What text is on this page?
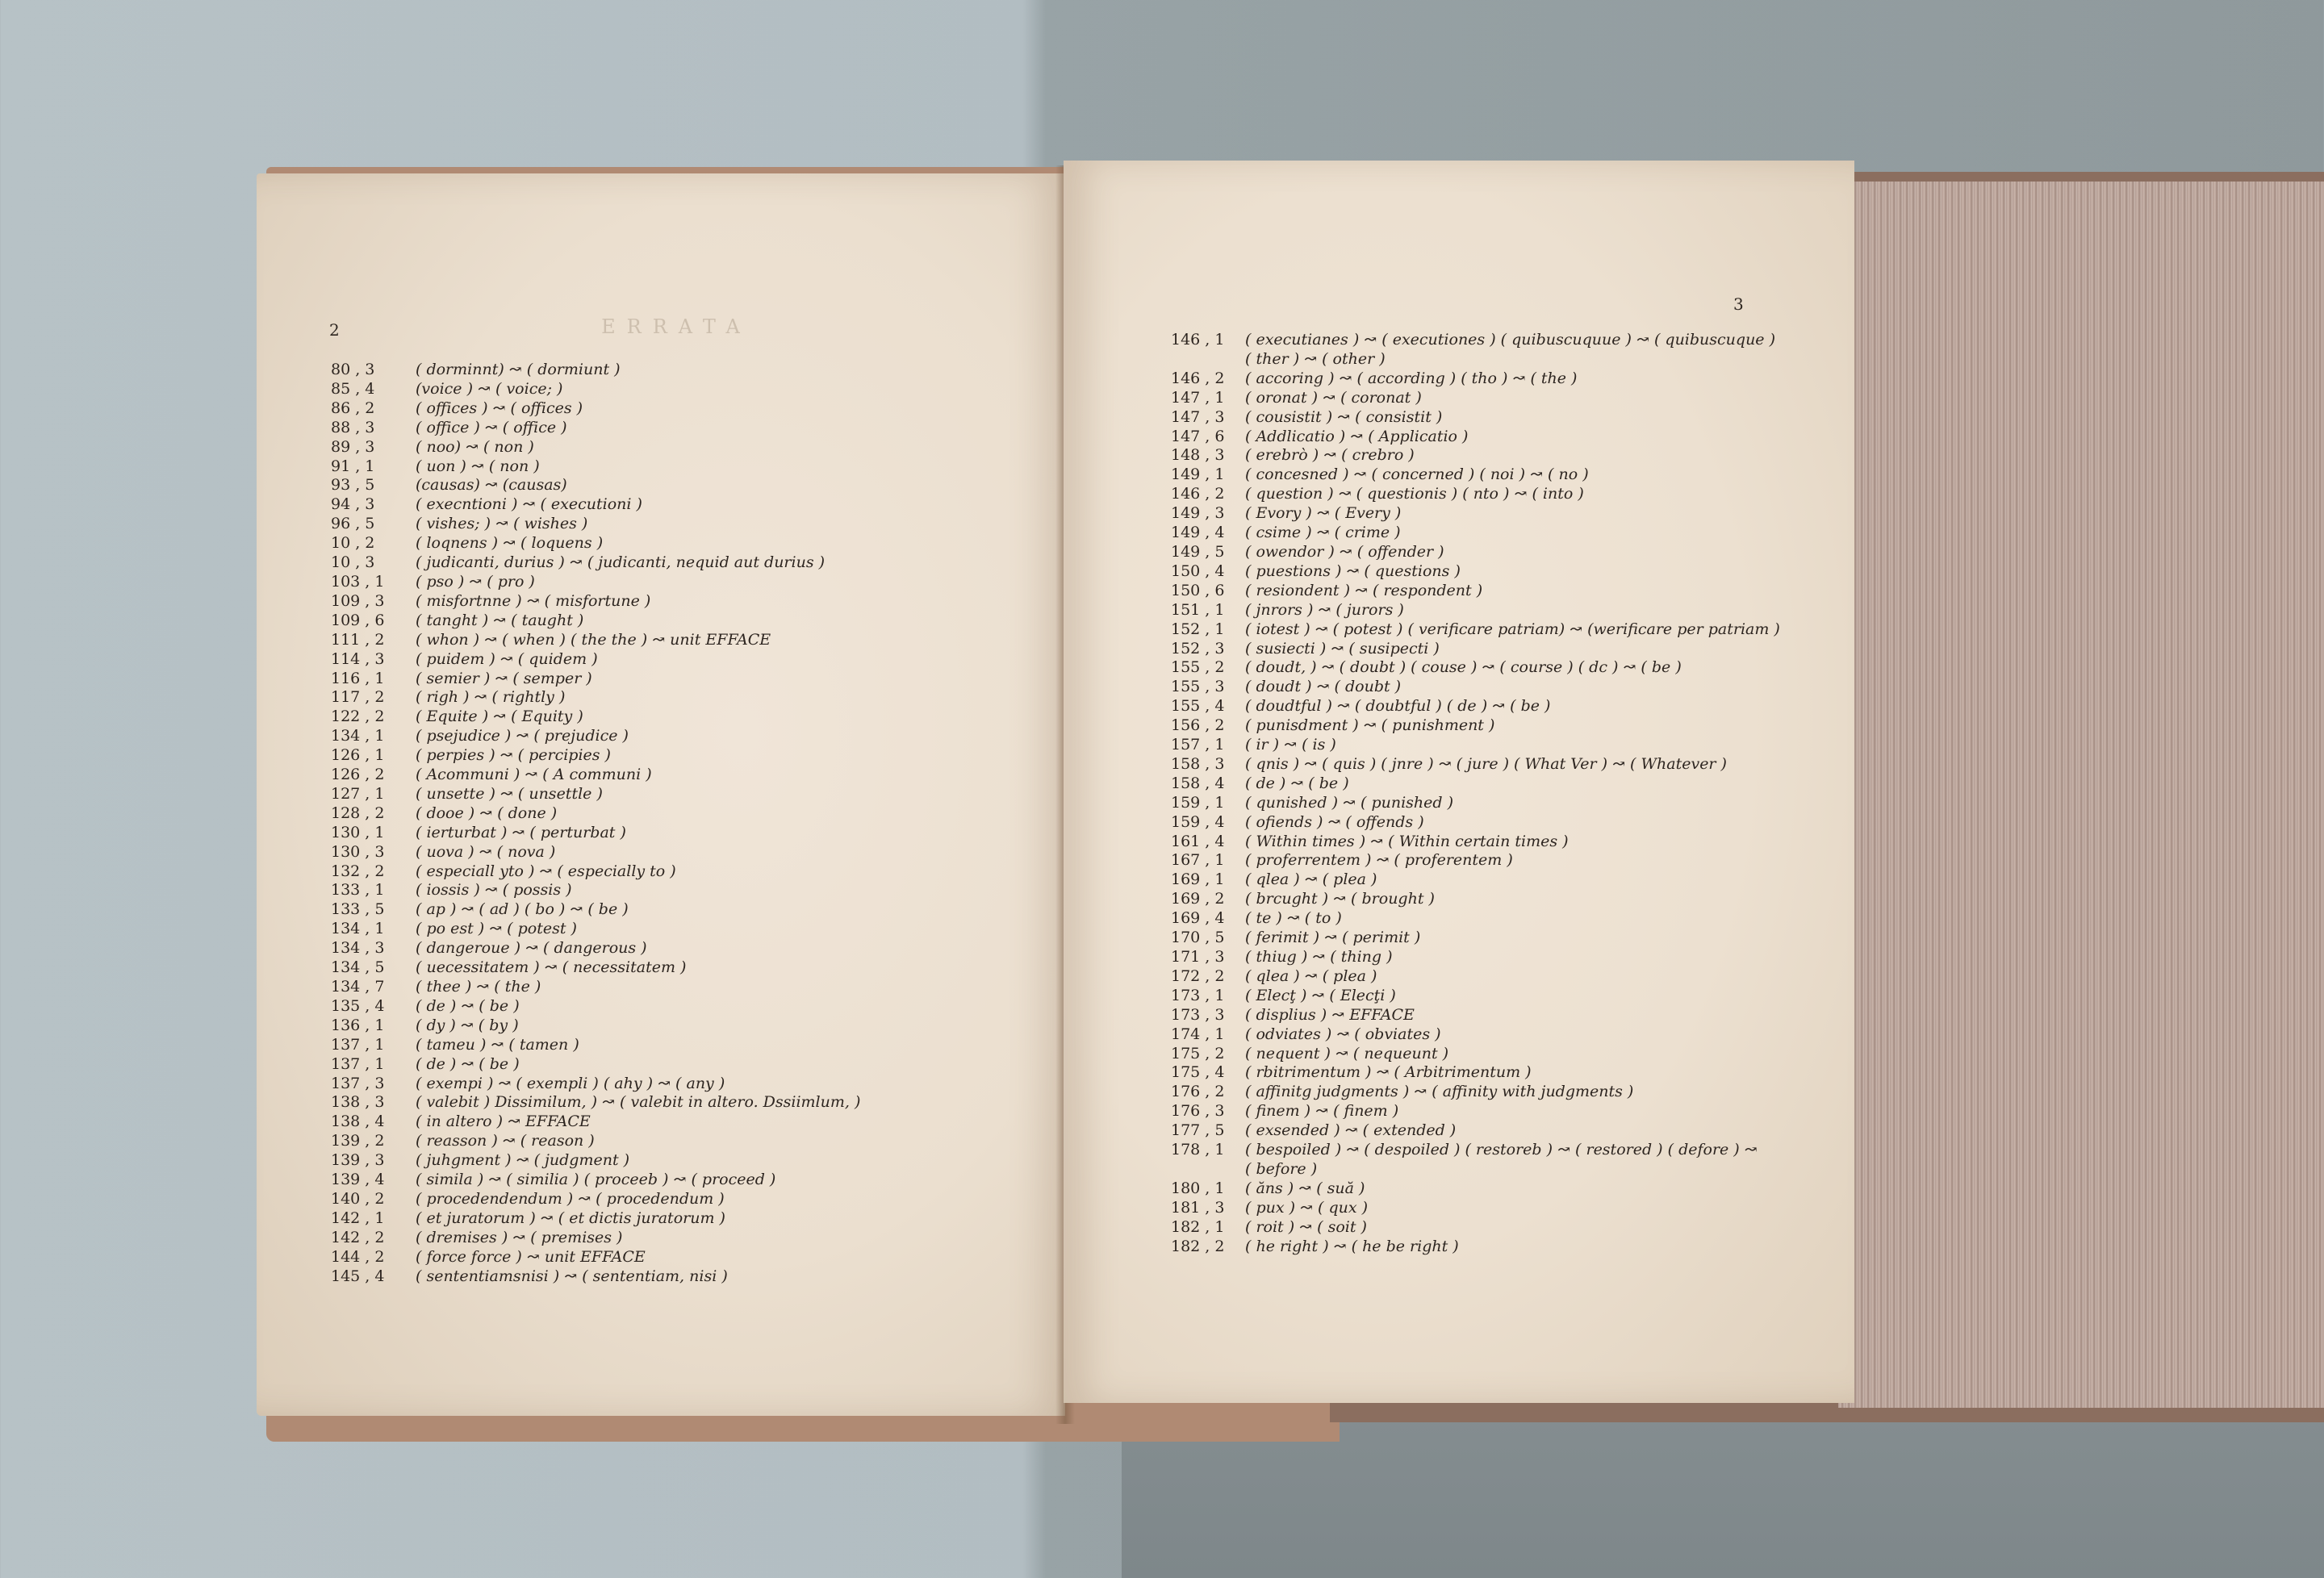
ERRATA
2
80 , 3	( dorminnt) ↝ ( dormiunt )
85 , 4	(voice ) ↝ ( voice; )
86 , 2	( offices ) ↝ ( offices )
88 , 3	( office ) ↝ ( office )
89 , 3	( noo) ↝ ( non )
91 , 1	( uon ) ↝ ( non )
93 , 5	(causas) ↝ (causas)
94 , 3	( execntioni ) ↝ ( executioni )
96 , 5	( vishes; ) ↝ ( wishes )
10 , 2	( loqnens ) ↝ ( loquens )
10 , 3	( judicanti, durius ) ↝ ( judicanti, nequid aut durius )
103 , 1	( pso ) ↝ ( pro )
109 , 3	( misfortnne ) ↝ ( misfortune )
109 , 6	( tanght ) ↝ ( taught )
111 , 2	( whon ) ↝ ( when ) ( the the ) ↝ unit EFFACE
114 , 3	( puidem ) ↝ ( quidem )
116 , 1	( semier ) ↝ ( semper )
117 , 2	( righ ) ↝ ( rightly )
122 , 2	( Equite ) ↝ ( Equity )
134 , 1	( psejudice ) ↝ ( prejudice )
126 , 1	( perpies ) ↝ ( percipies )
126 , 2	( Acommuni ) ↝ ( A communi )
127 , 1	( unsette ) ↝ ( unsettle )
128 , 2	( dooe ) ↝ ( done )
130 , 1	( ierturbat ) ↝ ( perturbat )
130 , 3	( uova ) ↝ ( nova )
132 , 2	( especiall yto ) ↝ ( especially to )
133 , 1	( iossis ) ↝ ( possis )
133 , 5	( ap ) ↝ ( ad ) ( bo ) ↝ ( be )
134 , 1	( po est ) ↝ ( potest )
134 , 3	( dangeroue ) ↝ ( dangerous )
134 , 5	( uecessitatem ) ↝ ( necessitatem )
134 , 7	( thee ) ↝ ( the )
135 , 4	( de ) ↝ ( be )
136 , 1	( dy ) ↝ ( by )
137 , 1	( tameu ) ↝ ( tamen )
137 , 1	( de ) ↝ ( be )
137 , 3	( exempi ) ↝ ( exempli ) ( ahy ) ↝ ( any )
138 , 3	( valebit ) Dissimilum, ) ↝ ( valebit in altero. Dssiimlum, )
138 , 4	( in altero ) ↝ EFFACE
139 , 2	( reasson ) ↝ ( reason )
139 , 3	( juhgment ) ↝ ( judgment )
139 , 4	( simila ) ↝ ( similia ) ( proceeb ) ↝ ( proceed )
140 , 2	( procedendendum ) ↝ ( procedendum )
142 , 1	( et juratorum ) ↝ ( et dictis juratorum )
142 , 2	( dremises ) ↝ ( premises )
144 , 2	( force force ) ↝ unit EFFACE
145 , 4	( sententiamsnisi ) ↝ ( sententiam, nisi )
3
146 , 1	( executianes ) ↝ ( executiones ) ( quibuscuquue ) ↝ ( quibuscuque )
( ther ) ↝ ( other )
146 , 2	( accoring ) ↝ ( according ) ( tho ) ↝ ( the )
147 , 1	( oronat ) ↝ ( coronat )
147 , 3	( cousistit ) ↝ ( consistit )
147 , 6	( Addlicatio ) ↝ ( Applicatio )
148 , 3	( erebrò ) ↝ ( crebro )
149 , 1	( concesned ) ↝ ( concerned ) ( noi ) ↝ ( no )
146 , 2	( question ) ↝ ( questionis ) ( nto ) ↝ ( into )
149 , 3	( Evory ) ↝ ( Every )
149 , 4	( csime ) ↝ ( crime )
149 , 5	( owendor ) ↝ ( offender )
150 , 4	( puestions ) ↝ ( questions )
150 , 6	( resiondent ) ↝ ( respondent )
151 , 1	( jnrors ) ↝ ( jurors )
152 , 1	( iotest ) ↝ ( potest ) ( verificare patriam) ↝ (werificare per patriam )
152 , 3	( susiecti ) ↝ ( susipecti )
155 , 2	( doudt, ) ↝ ( doubt ) ( couse ) ↝ ( course ) ( dc ) ↝ ( be )
155 , 3	( doudt ) ↝ ( doubt )
155 , 4	( doudtful ) ↝ ( doubtful ) ( de ) ↝ ( be )
156 , 2	( punisdment ) ↝ ( punishment )
157 , 1	( ir ) ↝ ( is )
158 , 3	( qnis ) ↝ ( quis ) ( jnre ) ↝ ( jure ) ( What Ver ) ↝ ( Whatever )
158 , 4	( de ) ↝ ( be )
159 , 1	( qunished ) ↝ ( punished )
159 , 4	( ofiends ) ↝ ( offends )
161 , 4	( Within times ) ↝ ( Within certain times )
167 , 1	( proferrentem ) ↝ ( proferentem )
169 , 1	( qlea ) ↝ ( plea )
169 , 2	( brcught ) ↝ ( brought )
169 , 4	( te ) ↝ ( to )
170 , 5	( ferimit ) ↝ ( perimit )
171 , 3	( thiug ) ↝ ( thing )
172 , 2	( qlea ) ↝ ( plea )
173 , 1	( Elecţ ) ↝ ( Elecţi )
173 , 3	( displius ) ↝ EFFACE
174 , 1	( odviates ) ↝ ( obviates )
175 , 2	( nequent ) ↝ ( nequeunt )
175 , 4	( rbitrimentum ) ↝ ( Arbitrimentum )
176 , 2	( affinitg judgments ) ↝ ( affinity with judgments )
176 , 3	( finem ) ↝ ( finem )
177 , 5	( exsended ) ↝ ( extended )
178 , 1	( bespoiled ) ↝ ( despoiled ) ( restoreb ) ↝ ( restored ) ( defore ) ↝
( before )
180 , 1	( ăns ) ↝ ( suă )
181 , 3	( pux ) ↝ ( qux )
182 , 1	( roit ) ↝ ( soit )
182 , 2	( he right ) ↝ ( he be right )
